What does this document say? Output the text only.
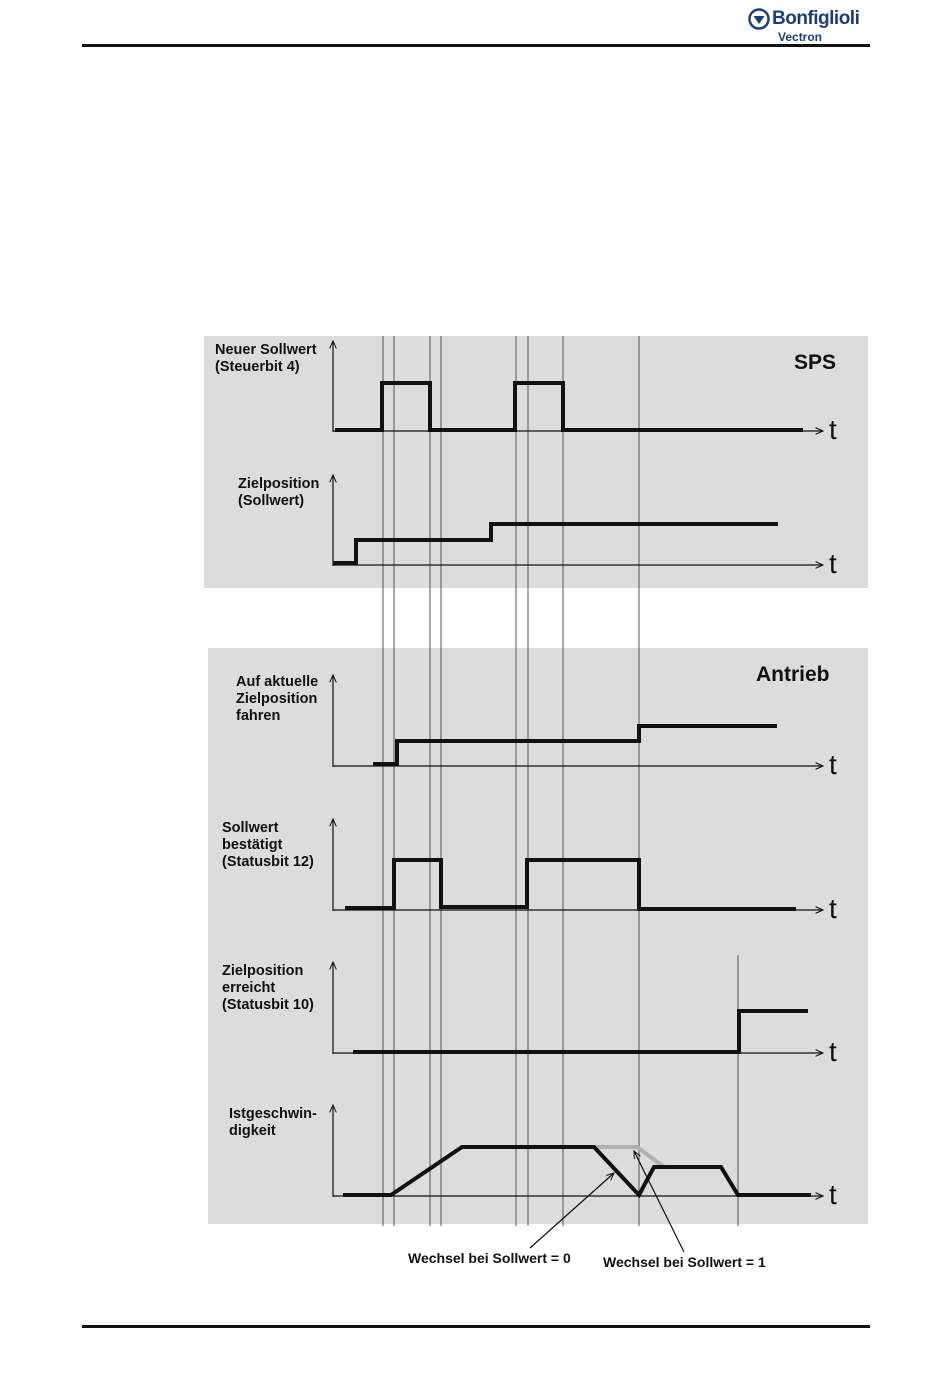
Bonfiglioli
Vectron
SPS
Antrieb
Neuer Sollwert (Steuerbit 4)
t
Zielposition (Sollwert)
t
Auf aktuelle Zielposition fahren
t
Sollwert bestätigt (Statusbit 12)
t
Zielposition erreicht (Statusbit 10)
t
Istgeschwin- digkeit
t
Wechsel bei Sollwert = 0 Wechsel bei Sollwert = 1
